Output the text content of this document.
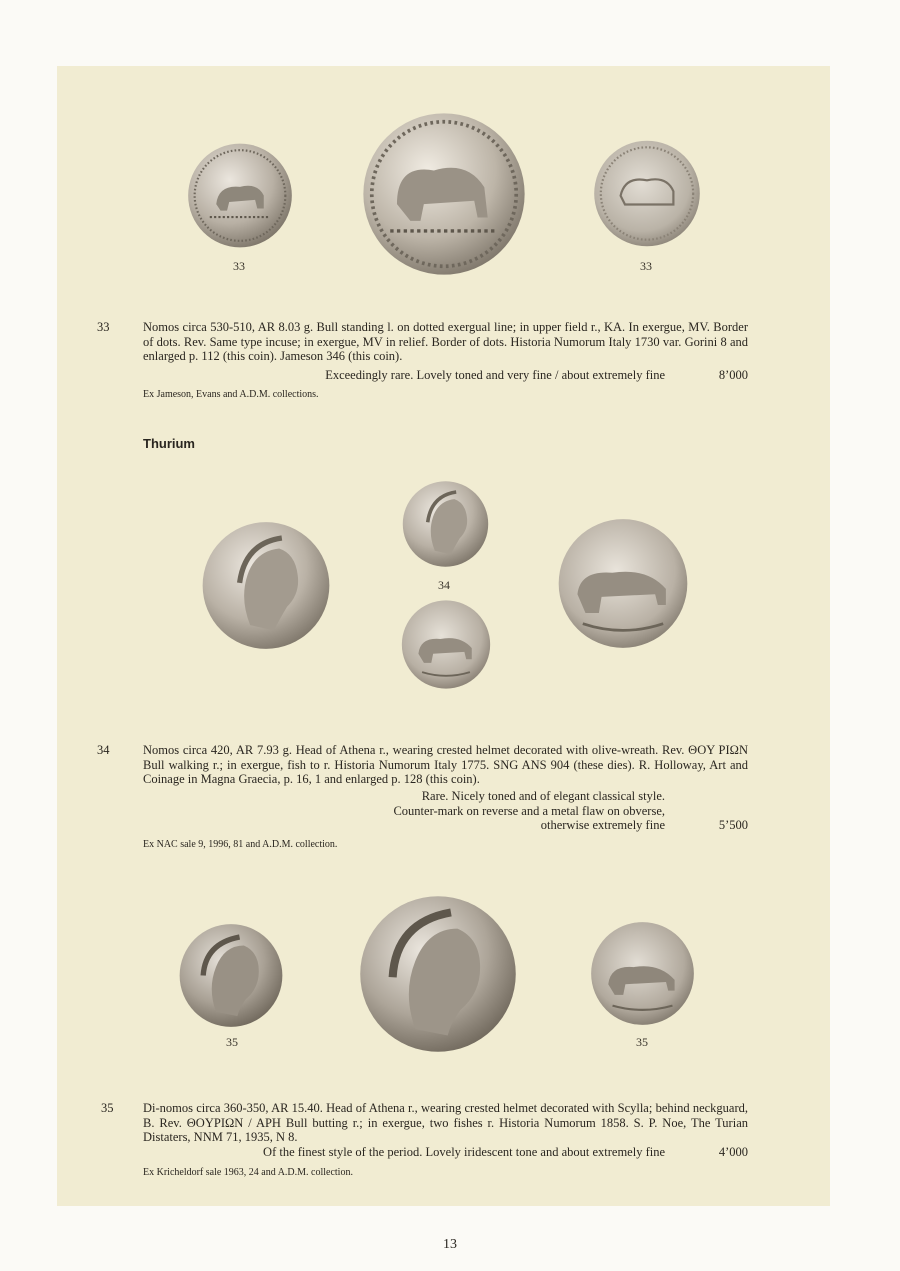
33	33
33	Nomos circa 530-510, AR 8.03 g. Bull standing l. on dotted exergual line; in upper field r., KA. In exergue, MV. Border of dots. Rev. Same type incuse; in exergue, MV in relief. Border of dots. Historia Numorum Italy 1730 var. Gorini 8 and enlarged p. 112 (this coin). Jameson 346 (this coin).
Exceedingly rare. Lovely toned and very fine / about extremely fine	8’000
Ex Jameson, Evans and A.D.M. collections.
Thurium
34
34	Nomos circa 420, AR 7.93 g. Head of Athena r., wearing crested helmet decorated with olive-wreath. Rev. ΘOY PIΩN Bull walking r.; in exergue, fish to r. Historia Numorum Italy 1775. SNG ANS 904 (these dies). R. Holloway, Art and Coinage in Magna Graecia, p. 16, 1 and enlarged p. 128 (this coin).
Rare. Nicely toned and of elegant classical style.
Counter-mark on reverse and a metal flaw on obverse,
otherwise extremely fine	5’500
Ex NAC sale 9, 1996, 81 and A.D.M. collection.
35	35
35 Di-nomos circa 360-350, AR 15.40. Head of Athena r., wearing crested helmet decorated with Scylla; behind neckguard, B. Rev. ΘOYPIΩN / APH Bull butting r.; in exergue, two fishes r. Historia Numorum 1858. S. P. Noe, The Turian Distaters, NNM 71, 1935, N 8.
Of the finest style of the period. Lovely iridescent tone and about extremely fine	4’000
Ex Kricheldorf sale 1963, 24 and A.D.M. collection.
13
